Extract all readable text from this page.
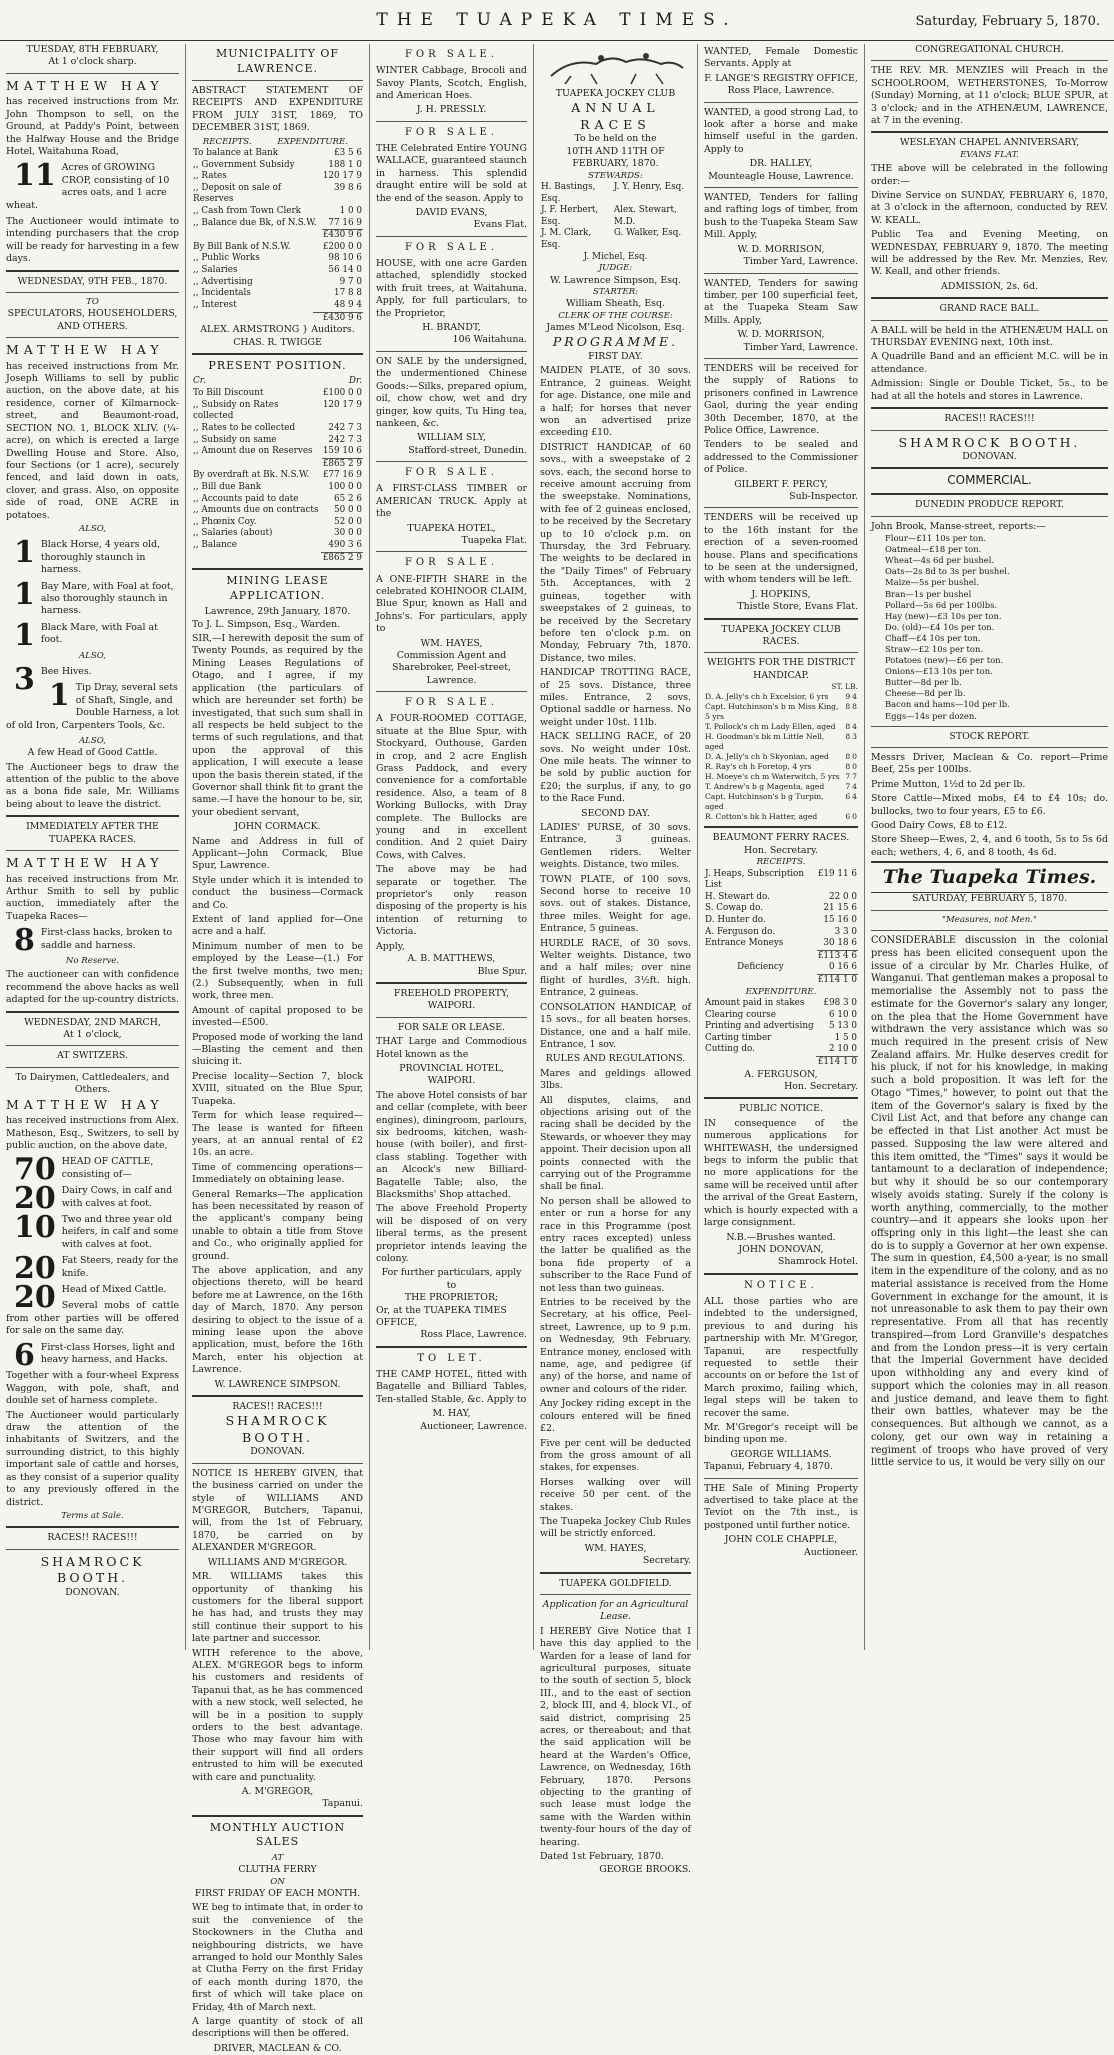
THE TUAPEKA TIMES.	Saturday, February 5, 1870.
TUESDAY, 8TH FEBRUARY,
At 1 o'clock sharp.
MATTHEW HAY

has received instructions from Mr. John Thompson to sell, on the Ground, at Paddy's Point, between the Halfway House and the Bridge Hotel, Waitahuna Road,

11 Acres of GROWING CROP, consisting of 10 acres oats, and 1 acre wheat.

The Auctioneer would intimate to intending purchasers that the crop will be ready for harvesting in a few days.

WEDNESDAY, 9TH FEB., 1870.
TO
SPECULATORS, HOUSEHOLDERS, AND OTHERS.
MATTHEW HAY

has received instructions from Mr. Joseph Williams to sell by public auction, on the above date, at his residence, corner of Kilmarnock-street, and Beaumont-road, SECTION NO. 1, BLOCK XLIV. (¼-acre), on which is erected a large Dwelling House and Store. Also, four Sections (or 1 acre), securely fenced, and laid down in oats, clover, and grass. Also, on opposite side of road, ONE ACRE in potatoes.

ALSO,
1 Black Horse, 4 years old, thoroughly staunch in harness.
1 Bay Mare, with Foal at foot, also thoroughly staunch in harness.
1 Black Mare, with Foal at foot.
ALSO,
3 Bee Hives.
1 Tip Dray, several sets of Shaft, Single, and Double Harness, a lot of old Iron, Carpenters Tools, &c.
ALSO,
A few Head of Good Cattle.

The Auctioneer begs to draw the attention of the public to the above as a bona fide sale, Mr. Williams being about to leave the district.

IMMEDIATELY AFTER THE
TUAPEKA RACES.
MATTHEW HAY

has received instructions from Mr. Arthur Smith to sell by public auction, immediately after the Tuapeka Races—

8 First-class hacks, broken to saddle and harness.
No Reserve.

The auctioneer can with confidence recommend the above hacks as well adapted for the up-country districts.

WEDNESDAY, 2ND MARCH,
At 1 o'clock,
AT SWITZERS.
To Dairymen, Cattledealers, and Others.
MATTHEW HAY

has received instructions from Alex. Matheson, Esq., Switzers, to sell by public auction, on the above date,

70 HEAD OF CATTLE, consisting of—
20 Dairy Cows, in calf and with calves at foot.
10 Two and three year old heifers, in calf and some with calves at foot.
20 Fat Steers, ready for the knife.
20 Head of Mixed Cattle.

Several mobs of cattle from other parties will be offered for sale on the same day.

6 First-class Horses, light and heavy harness, and Hacks.

Together with a four-wheel Express Waggon, with pole, shaft, and double set of harness complete.

The Auctioneer would particularly draw the attention of the inhabitants of Switzers, and the surrounding district, to this highly important sale of cattle and horses, as they consist of a superior quality to any previously offered in the district.

Terms at Sale.
RACES!! RACES!!!
SHAMROCK BOOTH.
DONOVAN.
MUNICIPALITY OF LAWRENCE.

ABSTRACT STATEMENT OF RECEIPTS AND EXPENDITURE FROM JULY 31ST, 1869, TO DECEMBER 31ST, 1869.

RECEIPTS.	EXPENDITURE.
To balance at Bank	£3 5 6
,, Government Subsidy	188 1 0
,, Rates	120 17 9
,, Deposit on sale of Reserves	39 8 6
,, Cash from Town Clerk	1 0 0
,, Balance due Bk, of N.S.W.	77 16 9
	£430 9 6
By Bill Bank of N.S.W.	£200 0 0
,, Public Works	98 10 6
,, Salaries	56 14 0
,, Advertising	9 7 0
,, Incidentals	17 8 8
,, Interest	48 9 4
	£430 9 6
ALEX. ARMSTRONG } Auditors. CHAS. R. TWIGGE
PRESENT POSITION.
Cr.	Dr.
To Bill Discount	£100 0 0
,, Subsidy on Rates collected	120 17 9
,, Rates to be collected	242 7 3
,, Subsidy on same	242 7 3
,, Amount due on Reserves	159 10 6
	£865 2 9
By overdraft at Bk. N.S.W.	£77 16 9
,, Bill due Bank	100 0 0
,, Accounts paid to date	65 2 6
,, Amounts due on contracts	50 0 0
,, Phœnix Coy.	52 0 0
,, Salaries (about)	30 0 0
,, Balance	490 3 6
	£865 2 9
MINING LEASE APPLICATION.
Lawrence, 29th January, 1870.
To J. L. Simpson, Esq., Warden.

SIR,—I herewith deposit the sum of Twenty Pounds, as required by the Mining Leases Regulations of Otago, and I agree, if my application (the particulars of which are hereunder set forth) be investigated, that such sum shall in all respects be held subject to the terms of such regulations, and that upon the approval of this application, I will execute a lease upon the basis therein stated, if the Governor shall think fit to grant the same.—I have the honour to be, sir, your obedient servant,

JOHN CORMACK.

Name and Address in full of Applicant—John Cormack, Blue Spur, Lawrence.

Style under which it is intended to conduct the business—Cormack and Co.

Extent of land applied for—One acre and a half.

Minimum number of men to be employed by the Lease—(1.) For the first twelve months, two men; (2.) Subsequently, when in full work, three men.

Amount of capital proposed to be invested—£500.

Proposed mode of working the land—Blasting the cement and then sluicing it.

Precise locality—Section 7, block XVIII, situated on the Blue Spur, Tuapeka.

Term for which lease required—The lease is wanted for fifteen years, at an annual rental of £2 10s. an acre.

Time of commencing operations—Immediately on obtaining lease.

General Remarks—The application has been necessitated by reason of the applicant's company being unable to obtain a title from Stove and Co., who originally applied for ground.

The above application, and any objections thereto, will be heard before me at Lawrence, on the 16th day of March, 1870. Any person desiring to object to the issue of a mining lease upon the above application, must, before the 16th March, enter his objection at Lawrence.

W. LAWRENCE SIMPSON.
RACES!! RACES!!!
SHAMROCK BOOTH.
DONOVAN.

NOTICE IS HEREBY GIVEN, that the business carried on under the style of WILLIAMS AND M'GREGOR, Butchers, Tapanui, will, from the 1st of February, 1870, be carried on by ALEXANDER M'GREGOR.

WILLIAMS AND M'GREGOR.

MR. WILLIAMS takes this opportunity of thanking his customers for the liberal support he has had, and trusts they may still continue their support to his late partner and successor.

WITH reference to the above, ALEX. M'GREGOR begs to inform his customers and residents of Tapanui that, as he has commenced with a new stock, well selected, he will be in a position to supply orders to the best advantage. Those who may favour him with their support will find all orders entrusted to him will be executed with care and punctuality.

A. M'GREGOR,
Tapanui.
MONTHLY AUCTION SALES
AT
CLUTHA FERRY
ON
FIRST FRIDAY OF EACH MONTH.

WE beg to intimate that, in order to suit the convenience of the Stockowners in the Clutha and neighbouring districts, we have arranged to hold our Monthly Sales at Clutha Ferry on the first Friday of each month during 1870, the first of which will take place on Friday, 4th of March next.

A large quantity of stock of all descriptions will then be offered.

DRIVER, MACLEAN & CO.
FOR SALE.

WINTER Cabbage, Brocoli and Savoy Plants, Scotch, English, and American Hoes.

J. H. PRESSLY.
FOR SALE.

THE Celebrated Entire YOUNG WALLACE, guaranteed staunch in harness. This splendid draught entire will be sold at the end of the season. Apply to

DAVID EVANS,
Evans Flat.
FOR SALE.

HOUSE, with one acre Garden attached, splendidly stocked with fruit trees, at Waitahuna. Apply, for full particulars, to the Proprietor,

H. BRANDT,
106 Waitahuna.

ON SALE by the undersigned, the undermentioned Chinese Goods:—Silks, prepared opium, oil, chow chow, wet and dry ginger, kow quits, Tu Hing tea, nankeen, &c.

WILLIAM SLY,
Stafford-street, Dunedin.
FOR SALE.

A FIRST-CLASS TIMBER or AMERICAN TRUCK. Apply at the

TUAPEKA HOTEL,
Tuapeka Flat.
FOR SALE.

A ONE-FIFTH SHARE in the celebrated KOHINOOR CLAIM, Blue Spur, known as Hall and Johns's. For particulars, apply to

WM. HAYES,
Commission Agent and Sharebroker, Peel-street, Lawrence.
FOR SALE.

A FOUR-ROOMED COTTAGE, situate at the Blue Spur, with Stockyard, Outhouse, Garden in crop, and 2 acre English Grass Paddock, and every convenience for a comfortable residence. Also, a team of 8 Working Bullocks, with Dray complete. The Bullocks are young and in excellent condition. And 2 quiet Dairy Cows, with Calves.

The above may be had separate or together. The proprietor's only reason disposing of the property is his intention of returning to Victoria.

Apply,
A. B. MATTHEWS,
Blue Spur.
FREEHOLD PROPERTY, WAIPORI.
FOR SALE OR LEASE.

THAT Large and Commodious Hotel known as the

PROVINCIAL HOTEL, WAIPORI.

The above Hotel consists of bar and cellar (complete, with beer engines), diningroom, parlours, six bedrooms, kitchen, wash-house (with boiler), and first-class stabling. Together with an Alcock's new Billiard-Bagatelle Table; also, the Blacksmiths' Shop attached.

The above Freehold Property will be disposed of on very liberal terms, as the present proprietor intends leaving the colony.

For further particulars, apply to
THE PROPRIETOR;
Or, at the TUAPEKA TIMES OFFICE,
Ross Place, Lawrence.
TO LET.

THE CAMP HOTEL, fitted with Bagatelle and Billiard Tables, Ten-stalled Stable, &c. Apply to

M. HAY,
Auctioneer, Lawrence.
TUAPEKA JOCKEY CLUB
ANNUAL RACES
To be held on the
10TH AND 11TH OF FEBRUARY, 1870.
STEWARDS:
H. Bastings, Esq.	J. Y. Henry, Esq.
J. F. Herbert, Esq.	Alex. Stewart, M.D.
J. M. Clark, Esq.	G. Walker, Esq.
J. Michel, Esq.	
JUDGE:
W. Lawrence Simpson, Esq.
STARTER:
William Sheath, Esq.
CLERK OF THE COURSE:
James M'Leod Nicolson, Esq.
PROGRAMME.
FIRST DAY.

MAIDEN PLATE, of 30 sovs. Entrance, 2 guineas. Weight for age. Distance, one mile and a half; for horses that never won an advertised prize exceeding £10.

DISTRICT HANDICAP, of 60 sovs., with a sweepstake of 2 sovs. each, the second horse to receive amount accruing from the sweepstake. Nominations, with fee of 2 guineas enclosed, to be received by the Secretary up to 10 o'clock p.m. on Thursday, the 3rd February. The weights to be declared in the "Daily Times" of February 5th. Acceptances, with 2 guineas, together with sweepstakes of 2 guineas, to be received by the Secretary before ten o'clock p.m. on Monday, February 7th, 1870. Distance, two miles.

HANDICAP TROTTING RACE, of 25 sovs. Distance, three miles. Entrance, 2 sovs. Optional saddle or harness. No weight under 10st. 11lb.

HACK SELLING RACE, of 20 sovs. No weight under 10st. One mile heats. The winner to be sold by public auction for £20; the surplus, if any, to go to the Race Fund.

SECOND DAY.

LADIES' PURSE, of 30 sovs. Entrance, 3 guineas. Gentlemen riders. Welter weights. Distance, two miles.

TOWN PLATE, of 100 sovs. Second horse to receive 10 sovs. out of stakes. Distance, three miles. Weight for age. Entrance, 5 guineas.

HURDLE RACE, of 30 sovs. Welter weights. Distance, two and a half miles; over nine flight of hurdles, 3½ft. high. Entrance, 2 guineas.

CONSOLATION HANDICAP, of 15 sovs., for all beaten horses. Distance, one and a half mile. Entrance, 1 sov.

RULES AND REGULATIONS.

Mares and geldings allowed 3lbs.

All disputes, claims, and objections arising out of the racing shall be decided by the Stewards, or whoever they may appoint. Their decision upon all points connected with the carrying out of the Programme shall be final.

No person shall be allowed to enter or run a horse for any race in this Programme (post entry races excepted) unless the latter be qualified as the bona fide property of a subscriber to the Race Fund of not less than two guineas.

Entries to be received by the Secretary, at his office, Peel-street, Lawrence, up to 9 p.m. on Wednesday, 9th February. Entrance money, enclosed with name, age, and pedigree (if any) of the horse, and name of owner and colours of the rider.

Any Jockey riding except in the colours entered will be fined £2.

Five per cent will be deducted from the gross amount of all stakes, for expenses.

Horses walking over will receive 50 per cent. of the stakes.

The Tuapeka Jockey Club Rules will be strictly enforced.

WM. HAYES,
Secretary.
TUAPEKA GOLDFIELD.
Application for an Agricultural Lease.

I HEREBY Give Notice that I have this day applied to the Warden for a lease of land for agricultural purposes, situate to the south of section 5, block III., and to the east of section 2, block III, and 4, block VI., of said district, comprising 25 acres, or thereabout; and that the said application will be heard at the Warden's Office, Lawrence, on Wednesday, 16th February, 1870. Persons objecting to the granting of such lease must lodge the same with the Warden within twenty-four hours of the day of hearing.

Dated 1st February, 1870.
GEORGE BROOKS.

WANTED, Female Domestic Servants. Apply at

F. LANGE'S REGISTRY OFFICE,
Ross Place, Lawrence.

WANTED, a good strong Lad, to look after a horse and make himself useful in the garden. Apply to

DR. HALLEY,
Mounteagle House, Lawrence.

WANTED, Tenders for falling and rafting logs of timber, from bush to the Tuapeka Steam Saw Mill. Apply,

W. D. MORRISON,
Timber Yard, Lawrence.

WANTED, Tenders for sawing timber, per 100 superficial feet, at the Tuapeka Steam Saw Mills. Apply,

W. D. MORRISON,
Timber Yard, Lawrence.

TENDERS will be received for the supply of Rations to prisoners confined in Lawrence Gaol, during the year ending 30th December, 1870, at the Police Office, Lawrence.

Tenders to be sealed and addressed to the Commissioner of Police.

GILBERT F. PERCY,
Sub-Inspector.

TENDERS will be received up to the 16th instant for the erection of a seven-roomed house. Plans and specifications to be seen at the undersigned, with whom tenders will be left.

J. HOPKINS,
Thistle Store, Evans Flat.
TUAPEKA JOCKEY CLUB RACES.
WEIGHTS FOR THE DISTRICT HANDICAP.
ST. LB.
D. A. Jelly's ch h Excelsior, 6 yrs	9	4
Capt. Hutchinson's b m Miss King, 5 yrs	8	8
T. Pollock's ch m Lady Ellen, aged	8	4
H. Goodman's bk m Little Nell, aged	8	3
D. A. Jelly's ch h Skyonian, aged	8	0
R. Ray's ch h Foretop, 4 yrs	8	0
H. Moeye's ch m Waterwitch, 5 yrs	7	7
T. Andrew's b g Magenta, aged	7	4
Capt. Hutchinson's b g Turpin, aged	6	4
R. Cotton's bk h Hatter, aged	6	0
BEAUMONT FERRY RACES.
Hon. Secretary.
RECEIPTS.
J. Heaps, Subscription List	£19 11 6
H. Stewart do.	22 0 0
S. Cowap do.	21 15 6
D. Hunter do.	15 16 0
A. Ferguson do.	3 3 0
Entrance Moneys	30 18 6
	£113 4 6
Deficiency	0 16 6
	£114 1 0
EXPENDITURE.
Amount paid in stakes	£98 3 0
Clearing course	6 10 0
Printing and advertising	5 13 0
Carting timber	1 5 0
Cutting do.	2 10 0
	£114 1 0
A. FERGUSON,
Hon. Secretary.
PUBLIC NOTICE.

IN consequence of the numerous applications for WHITEWASH, the undersigned begs to inform the public that no more applications for the same will be received until after the arrival of the Great Eastern, which is hourly expected with a large consignment.

N.B.—Brushes wanted.
JOHN DONOVAN,
Shamrock Hotel.
NOTICE.

ALL those parties who are indebted to the undersigned, previous to and during his partnership with Mr. M'Gregor, Tapanui, are respectfully requested to settle their accounts on or before the 1st of March proximo, failing which, legal steps will be taken to recover the same.

Mr. M'Gregor's receipt will be binding upon me.

GEORGE WILLIAMS.
Tapanui, February 4, 1870.

THE Sale of Mining Property advertised to take place at the Teviot on the 7th inst., is postponed until further notice.

JOHN COLE CHAPPLE,
Auctioneer.
CONGREGATIONAL CHURCH.

THE REV. MR. MENZIES will Preach in the SCHOOLROOM, WETHERSTONES, To-Morrow (Sunday) Morning, at 11 o'clock; BLUE SPUR, at 3 o'clock; and in the ATHENÆUM, LAWRENCE, at 7 in the evening.

WESLEYAN CHAPEL ANNIVERSARY,
EVANS FLAT.

THE above will be celebrated in the following order:—

Divine Service on SUNDAY, FEBRUARY 6, 1870, at 3 o'clock in the afternoon, conducted by REV. W. KEALL.

Public Tea and Evening Meeting, on WEDNESDAY, FEBRUARY 9, 1870. The meeting will be addressed by the Rev. Mr. Menzies, Rev. W. Keall, and other friends.

ADMISSION, 2s. 6d.
GRAND RACE BALL.

A BALL will be held in the ATHENÆUM HALL on THURSDAY EVENING next, 10th inst.

A Quadrille Band and an efficient M.C. will be in attendance.

Admission: Single or Double Ticket, 5s., to be had at all the hotels and stores in Lawrence.

RACES!! RACES!!!
SHAMROCK BOOTH.
DONOVAN.
COMMERCIAL.
DUNEDIN PRODUCE REPORT.
John Brook, Manse-street, reports:—
Flour—£11 10s per ton.
Oatmeal—£18 per ton.
Wheat—4s 6d per bushel.
Oats—2s 8d to 3s per bushel.
Maize—5s per bushel.
Bran—1s per bushel
Pollard—5s 6d per 100lbs.
Hay (new)—£3 10s per ton.
Do. (old)—£4 10s per ton.
Chaff—£4 10s per ton.
Straw—£2 10s per ton.
Potatoes (new)—£6 per ton.
Onions—£13 10s per ton.
Butter—8d per lb.
Cheese—8d per lb.
Bacon and hams—10d per lb.
Eggs—14s per dozen.
STOCK REPORT.

Messrs Driver, Maclean & Co. report—Prime Beef, 25s per 100lbs.

Prime Mutton, 1½d to 2d per lb.

Store Cattle—Mixed mobs, £4 to £4 10s; do. bullocks, two to four years, £5 to £6.

Good Dairy Cows, £8 to £12.

Store Sheep—Ewes, 2, 4, and 6 tooth, 5s to 5s 6d each; wethers, 4, 6, and 8 tooth, 4s 6d.

The Tuapeka Times.
SATURDAY, FEBRUARY 5, 1870.
"Measures, not Men."

CONSIDERABLE discussion in the colonial press has been elicited consequent upon the issue of a circular by Mr. Charles Hulke, of Wanganui. That gentleman makes a proposal to memorialise the Assembly not to pass the estimate for the Governor's salary any longer, on the plea that the Home Government have withdrawn the very assistance which was so much required in the present crisis of New Zealand affairs. Mr. Hulke deserves credit for his pluck, if not for his knowledge, in making such a bold proposition. It was left for the Otago "Times," however, to point out that the item of the Governor's salary is fixed by the Civil List Act, and that before any change can be effected in that List another Act must be passed. Supposing the law were altered and this item omitted, the "Times" says it would be tantamount to a declaration of independence; but why it should be so our contemporary wisely avoids stating. Surely if the colony is worth anything, commercially, to the mother country—and it appears she looks upon her offspring only in this light—the least she can do is to supply a Governor at her own expense. The sum in question, £4,500 a-year, is no small item in the expenditure of the colony, and as no material assistance is received from the Home Government in exchange for the amount, it is not unreasonable to ask them to pay their own representative. From all that has recently transpired—from Lord Granville's despatches and from the London press—it is very certain that the Imperial Government have decided upon withholding any and every kind of support which the colonies may in all reason and justice demand, and leave them to fight their own battles, whatever may be the consequences. But although we cannot, as a colony, get our own way in retaining a regiment of troops who have proved of very little service to us, it would be very silly on our
